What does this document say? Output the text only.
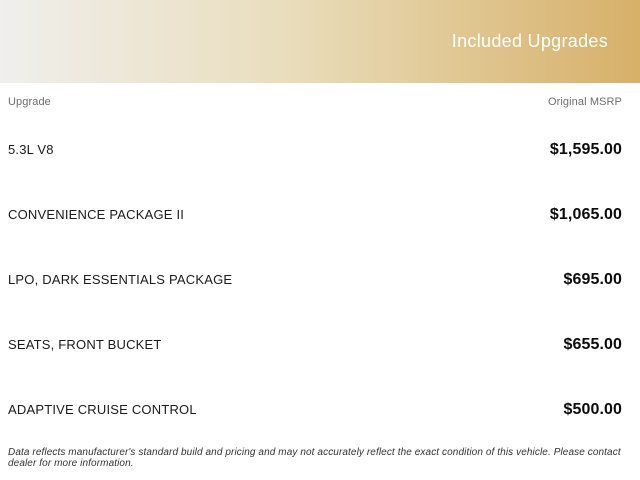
Included Upgrades
Upgrade	Original MSRP
5.3L V8	$1,595.00
CONVENIENCE PACKAGE II	$1,065.00
LPO, DARK ESSENTIALS PACKAGE	$695.00
SEATS, FRONT BUCKET	$655.00
ADAPTIVE CRUISE CONTROL	$500.00
Data reflects manufacturer's standard build and pricing and may not accurately reflect the exact condition of this vehicle. Please contact dealer for more information.
